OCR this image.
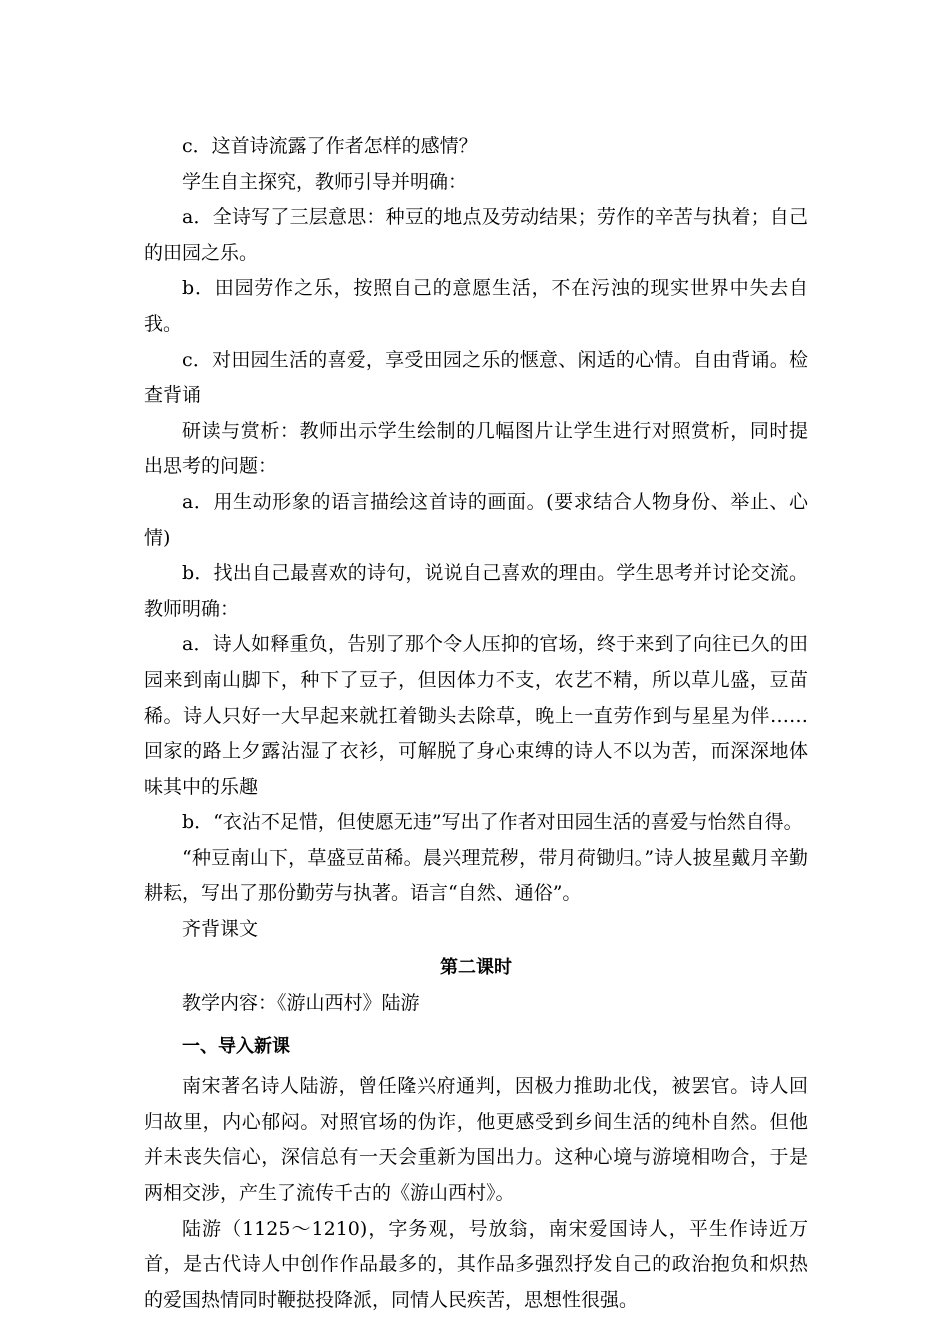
c．这首诗流露了作者怎样的感情？

学生自主探究，教师引导并明确：

a．全诗写了三层意思：种豆的地点及劳动结果；劳作的辛苦与执着；自己的田园之乐。

b．田园劳作之乐，按照自己的意愿生活，不在污浊的现实世界中失去自我。

c．对田园生活的喜爱，享受田园之乐的惬意、闲适的心情。自由背诵。检查背诵

研读与赏析：教师出示学生绘制的几幅图片让学生进行对照赏析，同时提出思考的问题：

a．用生动形象的语言描绘这首诗的画面。(要求结合人物身份、举止、心情)

b．找出自己最喜欢的诗句，说说自己喜欢的理由。学生思考并讨论交流。教师明确：

a．诗人如释重负，告别了那个令人压抑的官场，终于来到了向往已久的田园来到南山脚下，种下了豆子，但因体力不支，农艺不精，所以草儿盛，豆苗稀。诗人只好一大早起来就扛着锄头去除草，晚上一直劳作到与星星为伴……回家的路上夕露沾湿了衣衫，可解脱了身心束缚的诗人不以为苦，而深深地体味其中的乐趣

b．“衣沾不足惜，但使愿无违”写出了作者对田园生活的喜爱与怡然自得。

“种豆南山下，草盛豆苗稀。晨兴理荒秽，带月荷锄归。”诗人披星戴月辛勤耕耘，写出了那份勤劳与执著。语言“自然、通俗”。

齐背课文

第二课时

教学内容：《游山西村》陆游

一、导入新课

南宋著名诗人陆游，曾任隆兴府通判，因极力推助北伐，被罢官。诗人回归故里，内心郁闷。对照官场的伪诈，他更感受到乡间生活的纯朴自然。但他并未丧失信心，深信总有一天会重新为国出力。这种心境与游境相吻合，于是两相交涉，产生了流传千古的《游山西村》。

陆游（1125～1210)，字务观，号放翁，南宋爱国诗人，平生作诗近万首，是古代诗人中创作作品最多的，其作品多强烈抒发自己的政治抱负和炽热的爱国热情同时鞭挞投降派，同情人民疾苦，思想性很强。
